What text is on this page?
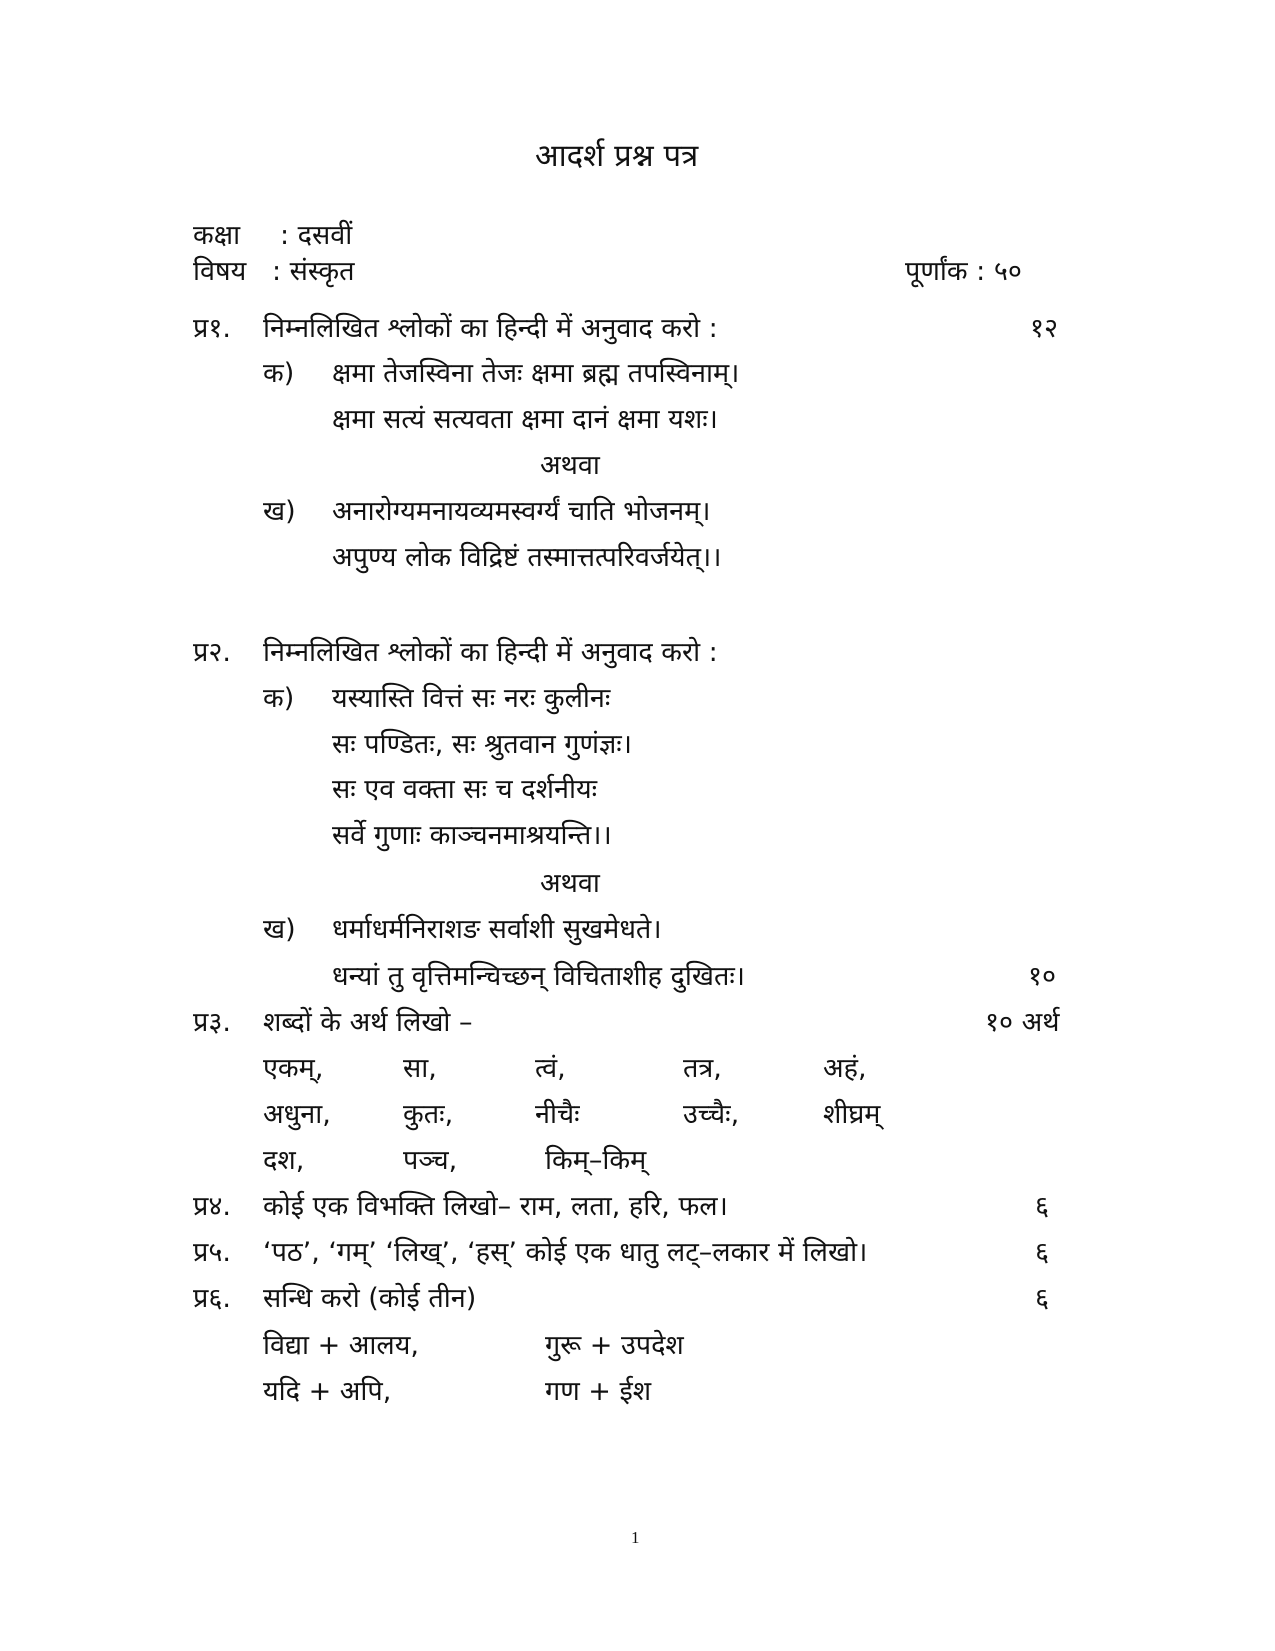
आदर्श प्रश्न पत्र
कक्षा : दसवीं
विषय : संस्कृत	पूर्णांक : ५०
प्र१. निम्नलिखित श्लोकों का हिन्दी में अनुवाद करो :	१२
क) क्षमा तेजस्विना तेजः क्षमा ब्रह्म तपस्विनाम्।
क्षमा सत्यं सत्यवता क्षमा दानं क्षमा यशः।
अथवा
ख) अनारोग्यमनायव्यमस्वर्ग्यं चाति भोजनम्।
अपुण्य लोक विद्रिष्टं तस्मात्तत्परिवर्जयेत्।।
प्र२. निम्नलिखित श्लोकों का हिन्दी में अनुवाद करो :
क) यस्यास्ति वित्तं सः नरः कुलीनः
सः पण्डितः, सः श्रुतवान गुणंज्ञः।
सः एव वक्ता सः च दर्शनीयः
सर्वे गुणाः काञ्चनमाश्रयन्ति।।
अथवा
ख) धर्माधर्मनिराशङ सर्वाशी सुखमेधते।
धन्यां तु वृत्तिमन्चिच्छन् विचिताशीह दुखितः।	१०
प्र३. शब्दों के अर्थ लिखो –	१० अर्थ
एकम्,	सा,	त्वं,	तत्र,	अहं,
अधुना,	कुतः,	नीचैः	उच्चैः,	शीघ्रम्
दश,	पञ्च,	किम्–किम्
प्र४. कोई एक विभक्ति लिखो– राम, लता, हरि, फल।	६
प्र५. ‘पठ’, ‘गम्’ ‘लिख्’, ‘हस्’ कोई एक धातु लट्–लकार में लिखो।	६
प्र६. सन्धि करो (कोई तीन)	६
विद्या + आलय,	गुरू + उपदेश
यदि + अपि,	गण + ईश
1
